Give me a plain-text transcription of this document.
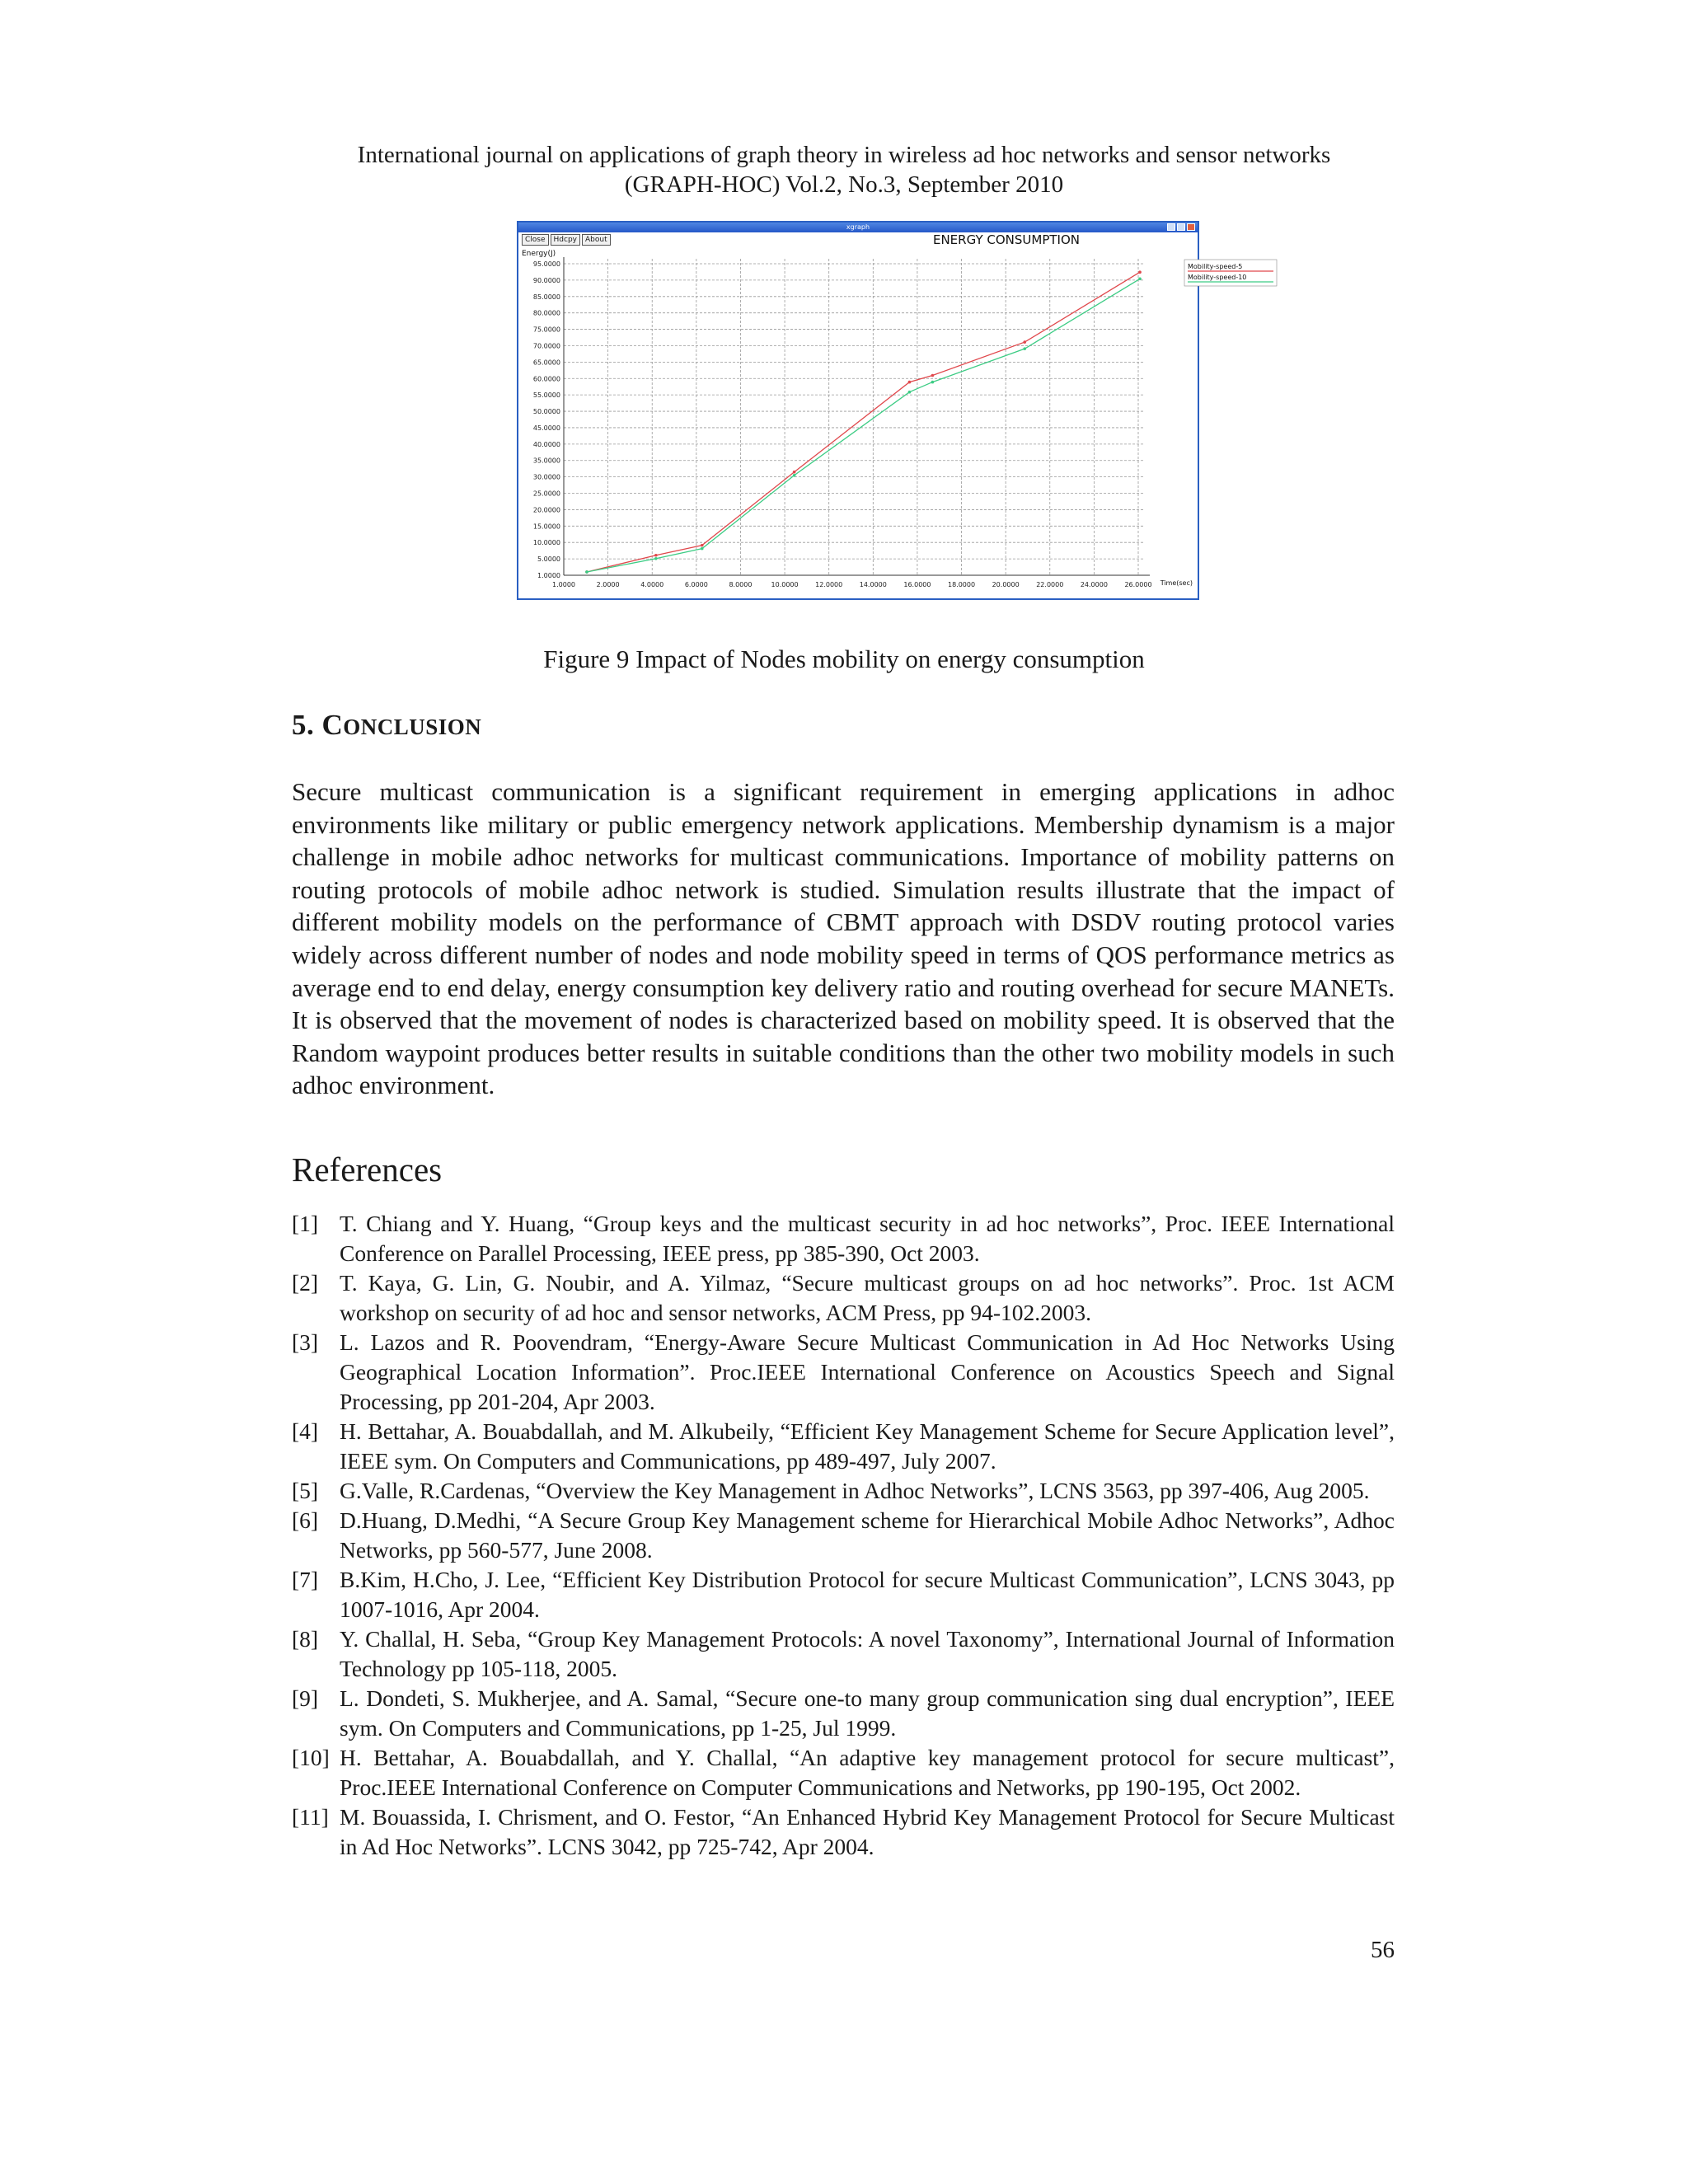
International journal on applications of graph theory in wireless ad hoc networks and sensor networks
(GRAPH-HOC) Vol.2, No.3, September 2010
xgraph
Close	Hdcpy	About	ENERGY CONSUMPTION
Energy(J)
Time(sec)
1.0000	2.0000	4.0000	6.0000	8.0000	10.0000	12.0000	14.0000	16.0000	18.0000	20.0000	22.0000	24.0000	26.0000
95.0000
90.0000
85.0000
80.0000
75.0000
70.0000
65.0000
60.0000
55.0000
50.0000
45.0000
40.0000
35.0000
30.0000
25.0000
20.0000
15.0000
10.0000
5.0000
1.0000
Mobility-speed-5
Mobility-speed-10
Figure 9 Impact of Nodes mobility on energy consumption
5. CONCLUSION
Secure multicast communication is a significant requirement in emerging applications in adhoc environments like military or public emergency network applications. Membership dynamism is a major challenge in mobile adhoc networks for multicast communications. Importance of mobility patterns on routing protocols of mobile adhoc network is studied. Simulation results illustrate that the impact of different mobility models on the performance of CBMT approach with DSDV routing protocol varies widely across different number of nodes and node mobility speed in terms of QOS performance metrics as average end to end delay, energy consumption key delivery ratio and routing overhead for secure MANETs. It is observed that the movement of nodes is characterized based on mobility speed. It is observed that the Random waypoint produces better results in suitable conditions than the other two mobility models in such adhoc environment.
References
[1] T. Chiang and Y. Huang, “Group keys and the multicast security in ad hoc networks”, Proc. IEEE International Conference on Parallel Processing, IEEE press, pp 385-390, Oct 2003.
[2] T. Kaya, G. Lin, G. Noubir, and A. Yilmaz, “Secure multicast groups on ad hoc networks”. Proc. 1st ACM workshop on security of ad hoc and sensor networks, ACM Press, pp 94-102.2003.
[3] L. Lazos and R. Poovendram, “Energy-Aware Secure Multicast Communication in Ad Hoc Networks Using Geographical Location Information”. Proc.IEEE International Conference on Acoustics Speech and Signal Processing, pp 201-204, Apr 2003.
[4] H. Bettahar, A. Bouabdallah, and M. Alkubeily, “Efficient Key Management Scheme for Secure Application level”, IEEE sym. On Computers and Communications, pp 489-497, July 2007.
[5] G.Valle, R.Cardenas, “Overview the Key Management in Adhoc Networks”, LCNS 3563, pp 397-406, Aug 2005.
[6] D.Huang, D.Medhi, “A Secure Group Key Management scheme for Hierarchical Mobile Adhoc Networks”, Adhoc Networks, pp 560-577, June 2008.
[7] B.Kim, H.Cho, J. Lee, “Efficient Key Distribution Protocol for secure Multicast Communication”, LCNS 3043, pp 1007-1016, Apr 2004.
[8] Y. Challal, H. Seba, “Group Key Management Protocols: A novel Taxonomy”, International Journal of Information Technology pp 105-118, 2005.
[9] L. Dondeti, S. Mukherjee, and A. Samal, “Secure one-to many group communication sing dual encryption”, IEEE sym. On Computers and Communications, pp 1-25, Jul 1999.
[10] H. Bettahar, A. Bouabdallah, and Y. Challal, “An adaptive key management protocol for secure multicast”, Proc.IEEE International Conference on Computer Communications and Networks, pp 190-195, Oct 2002.
[11] M. Bouassida, I. Chrisment, and O. Festor, “An Enhanced Hybrid Key Management Protocol for Secure Multicast in Ad Hoc Networks”. LCNS 3042, pp 725-742, Apr 2004.
56
